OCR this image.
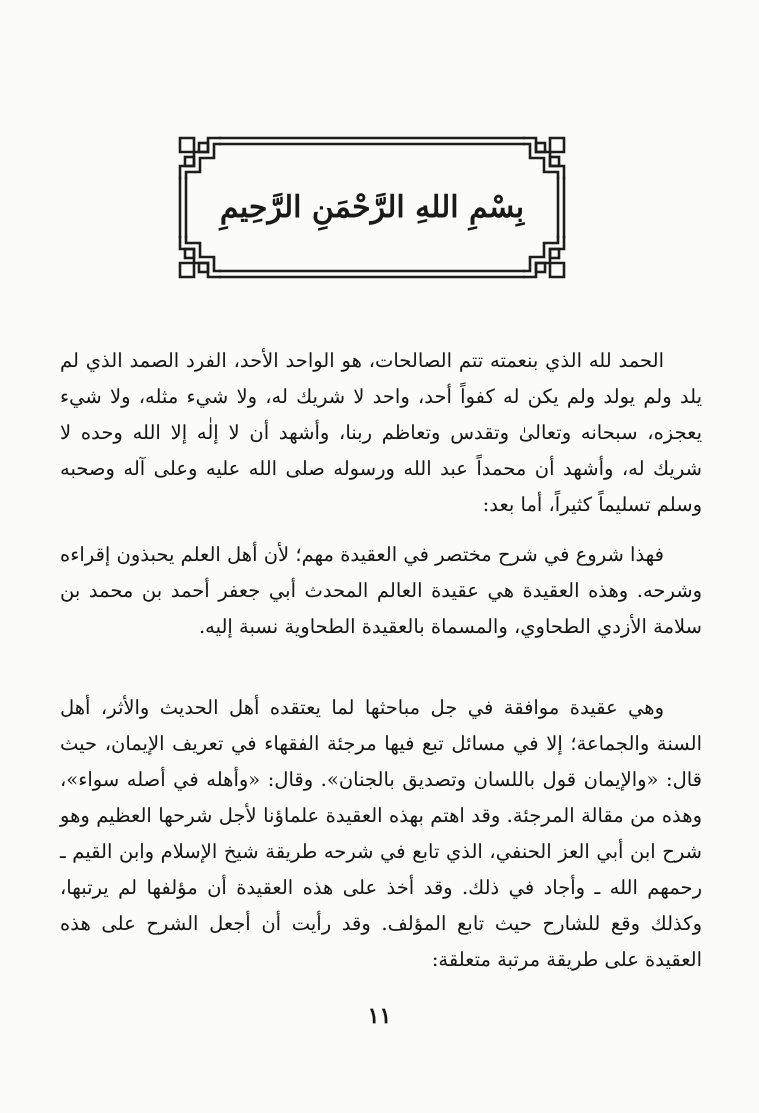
بِسْمِ اللهِ الرَّحْمَنِ الرَّحِيمِ

الحمد لله الذي بنعمته تتم الصالحات، هو الواحد الأحد، الفرد الصمد الذي لم يلد ولم يولد ولم يكن له كفواً أحد، واحد لا شريك له، ولا شيء مثله، ولا شيء يعجزه، سبحانه وتعالىٰ وتقدس وتعاظم ربنا، وأشهد أن لا إلٰه إلا الله وحده لا شريك له، وأشهد أن محمداً عبد الله ورسوله صلى الله عليه وعلى آله وصحبه وسلم تسليماً كثيراً، أما بعد:

فهذا شروع في شرح مختصر في العقيدة مهم؛ لأن أهل العلم يحبذون إقراءه وشرحه. وهذه العقيدة هي عقيدة العالم المحدث أبي جعفر أحمد بن محمد بن سلامة الأزدي الطحاوي، والمسماة بالعقيدة الطحاوية نسبة إليه.

وهي عقيدة موافقة في جل مباحثها لما يعتقده أهل الحديث والأثر، أهل السنة والجماعة؛ إلا في مسائل تبع فيها مرجئة الفقهاء في تعريف الإيمان، حيث قال: «والإيمان قول باللسان وتصديق بالجنان». وقال: «وأهله في أصله سواء»، وهذه من مقالة المرجئة. وقد اهتم بهذه العقيدة علماؤنا لأجل شرحها العظيم وهو شرح ابن أبي العز الحنفي، الذي تابع في شرحه طريقة شيخ الإسلام وابن القيم ـ رحمهم الله ـ وأجاد في ذلك. وقد أخذ على هذه العقيدة أن مؤلفها لم يرتبها، وكذلك وقع للشارح حيث تابع المؤلف. وقد رأيت أن أجعل الشرح على هذه العقيدة على طريقة مرتبة متعلقة:

١١
